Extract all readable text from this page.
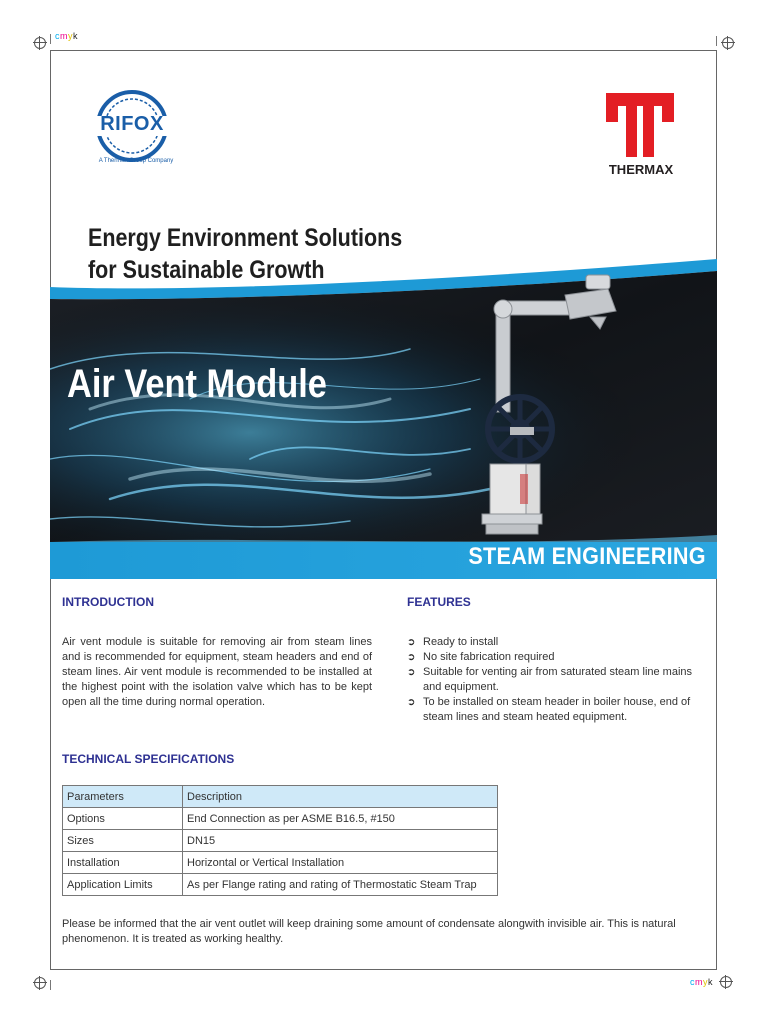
cmyk
cmyk
RIFOX
A Thermax Group Company
THERMAX
Energy Environment Solutions
for Sustainable Growth
Air Vent Module
STEAM ENGINEERING
INTRODUCTION
Air vent module is suitable for removing air from steam lines and is recommended for equipment, steam headers and end of steam lines. Air vent module is recommended to be installed at the highest point with the isolation valve which has to be kept open all the time during normal operation.
FEATURES
➲ Ready to install
➲ No site fabrication required
➲ Suitable for venting air from saturated steam line mains and equipment.
➲ To be installed on steam header in boiler house, end of steam lines and steam heated equipment.
TECHNICAL SPECIFICATIONS
Parameters	Description
Options	End Connection as per ASME B16.5, #150
Sizes	DN15
Installation	Horizontal or Vertical Installation
Application Limits	As per Flange rating and rating of Thermostatic Steam Trap
Please be informed that the air vent outlet will keep draining some amount of condensate alongwith invisible air. This is natural phenomenon. It is treated as working healthy.
